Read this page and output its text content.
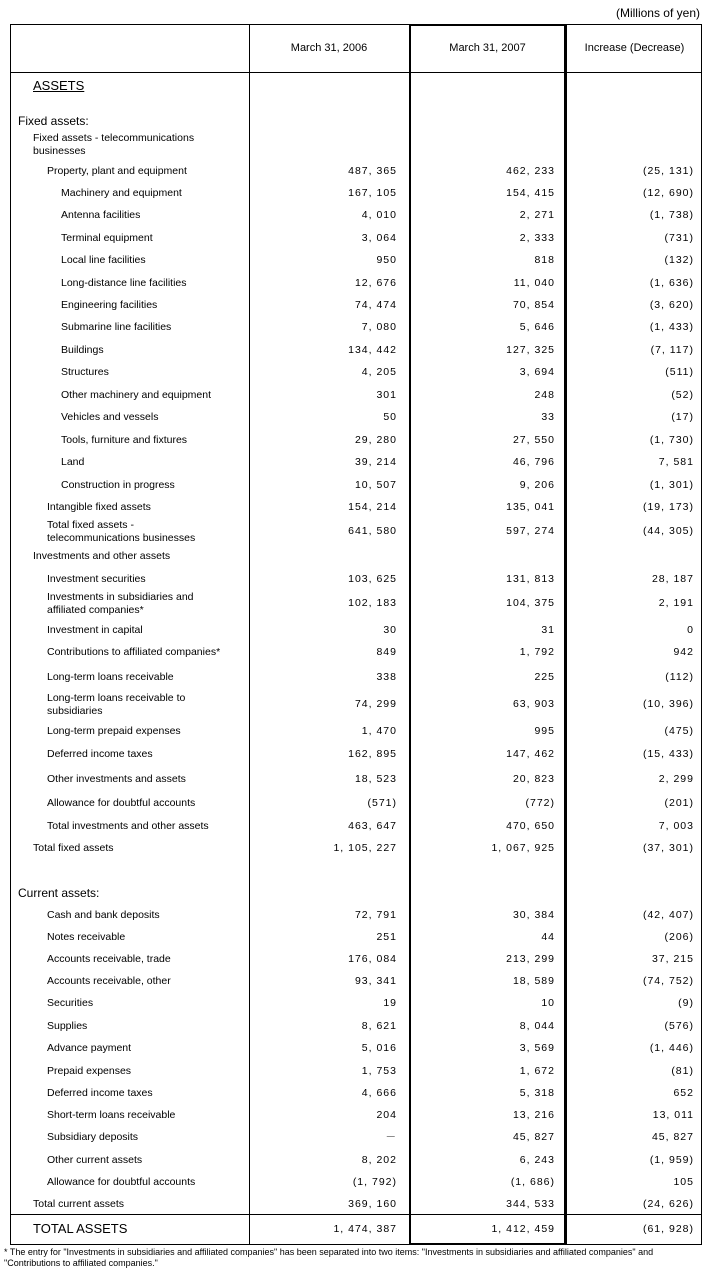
(Millions of yen)
March 31, 2006	March 31, 2007	Increase (Decrease)
ASSETS
Fixed assets:
Fixed assets - telecommunications businesses
Investments and other assets
Current assets:
Property, plant and equipment	487, 365	462, 233	(25, 131)
Machinery and equipment	167, 105	154, 415	(12, 690)
Antenna facilities	4, 010	2, 271	(1, 738)
Terminal equipment	3, 064	2, 333	(731)
Local line facilities	950	818	(132)
Long-distance line facilities	12, 676	11, 040	(1, 636)
Engineering facilities	74, 474	70, 854	(3, 620)
Submarine line facilities	7, 080	5, 646	(1, 433)
Buildings	134, 442	127, 325	(7, 117)
Structures	4, 205	3, 694	(511)
Other machinery and equipment	301	248	(52)
Vehicles and vessels	50	33	(17)
Tools, furniture and fixtures	29, 280	27, 550	(1, 730)
Land	39, 214	46, 796	7, 581
Construction in progress	10, 507	9, 206	(1, 301)
Intangible fixed assets	154, 214	135, 041	(19, 173)
Total fixed assets -
telecommunications businesses
641, 580	597, 274	(44, 305)
Investment securities	103, 625	131, 813	28, 187
Investments in subsidiaries and
affiliated companies*
102, 183	104, 375	2, 191
Investment in capital	30	31	0
Contributions to affiliated companies*	849	1, 792	942
Long-term loans receivable	338	225	(112)
Long-term loans receivable to
subsidiaries
74, 299	63, 903	(10, 396)
Long-term prepaid expenses	1, 470	995	(475)
Deferred income taxes	162, 895	147, 462	(15, 433)
Other investments and assets	18, 523	20, 823	2, 299
Allowance for doubtful accounts	(571)	(772)	(201)
Total investments and other assets	463, 647	470, 650	7, 003
Total fixed assets	1, 105, 227	1, 067, 925	(37, 301)
Cash and bank deposits	72, 791	30, 384	(42, 407)
Notes receivable	251	44	(206)
Accounts receivable, trade	176, 084	213, 299	37, 215
Accounts receivable, other	93, 341	18, 589	(74, 752)
Securities	19	10	(9)
Supplies	8, 621	8, 044	(576)
Advance payment	5, 016	3, 569	(1, 446)
Prepaid expenses	1, 753	1, 672	(81)
Deferred income taxes	4, 666	5, 318	652
Short-term loans receivable	204	13, 216	13, 011
Subsidiary deposits	－	45, 827	45, 827
Other current assets	8, 202	6, 243	(1, 959)
Allowance for doubtful accounts	(1, 792)	(1, 686)	105
Total current assets	369, 160	344, 533	(24, 626)
TOTAL ASSETS	1, 474, 387	1, 412, 459	(61, 928)
* The entry for "Investments in subsidiaries and affiliated companies" has been separated into two items: "Investments in subsidiaries and affiliated companies" and "Contributions to affiliated companies."
